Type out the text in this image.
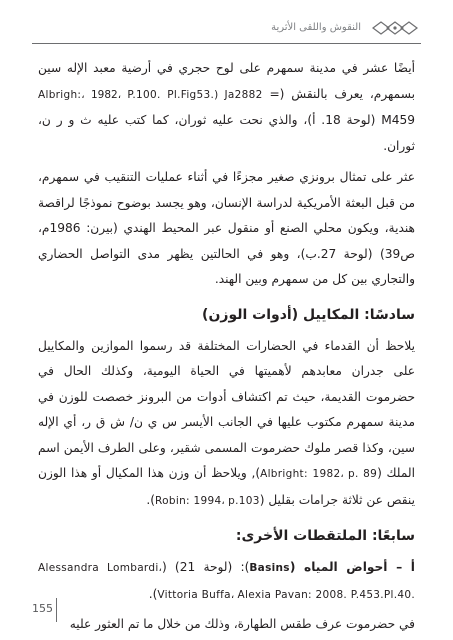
النقوش واللقى الأثرية

أيضًا عشر في مدينة سمهرم على لوح حجري في أرضية معبد الإله سين بسمهرم، يعرف بالنقش (Albrigh:، 1982، P.100. Pl.Fig53.) Ja2882 = M459 (لوحة 18. أ)، والذي نحت عليه ثوران، كما كتب عليه ث و ر ن، ثوران.

عثر على تمثال برونزي صغير مجزءًا في أثناء عمليات التنقيب في سمهرم، من قبل البعثة الأمريكية لدراسة الإنسان، وهو يجسد بوضوح نموذجًا لراقصة هندية، ويكون محلي الصنع أو منقول عبر المحيط الهندي (بيرن: 1986م، ص39) (لوحة 27.ب)، وهو في الحالتين يظهر مدى التواصل الحضاري والتجاري بين كل من سمهرم وبين الهند.

سادسًا: المكاييل (أدوات الوزن)

يلاحظ أن القدماء في الحضارات المختلفة قد رسموا الموازين والمكاييل على جدران معابدهم لأهميتها في الحياة اليومية، وكذلك الحال في حضرموت القديمة، حيث تم اكتشاف أدوات من البرونز خصصت للوزن في مدينة سمهرم مكتوب عليها في الجانب الأيسر س ي ن/ ش ق ر، أي الإله سين، وكذا قصر ملوك حضرموت المسمى شقير، وعلى الطرف الأيمن اسم الملك (Albright: 1982، p. 89), ويلاحظ أن وزن هذا المكيال أو هذا الوزن ينقص عن ثلاثة جرامات بقليل (Robin: 1994، p.103).

سابعًا: الملتقطات الأخرى:

أ – أحواض المياه (Basins): (لوحة 21) (Alessandra Lombardi، Vittoria Buffa، Alexia Pavan: 2008. P.453.Pl.40.).

في حضرموت عرف طقس الطهارة، وذلك من خلال ما تم العثور عليه

155
